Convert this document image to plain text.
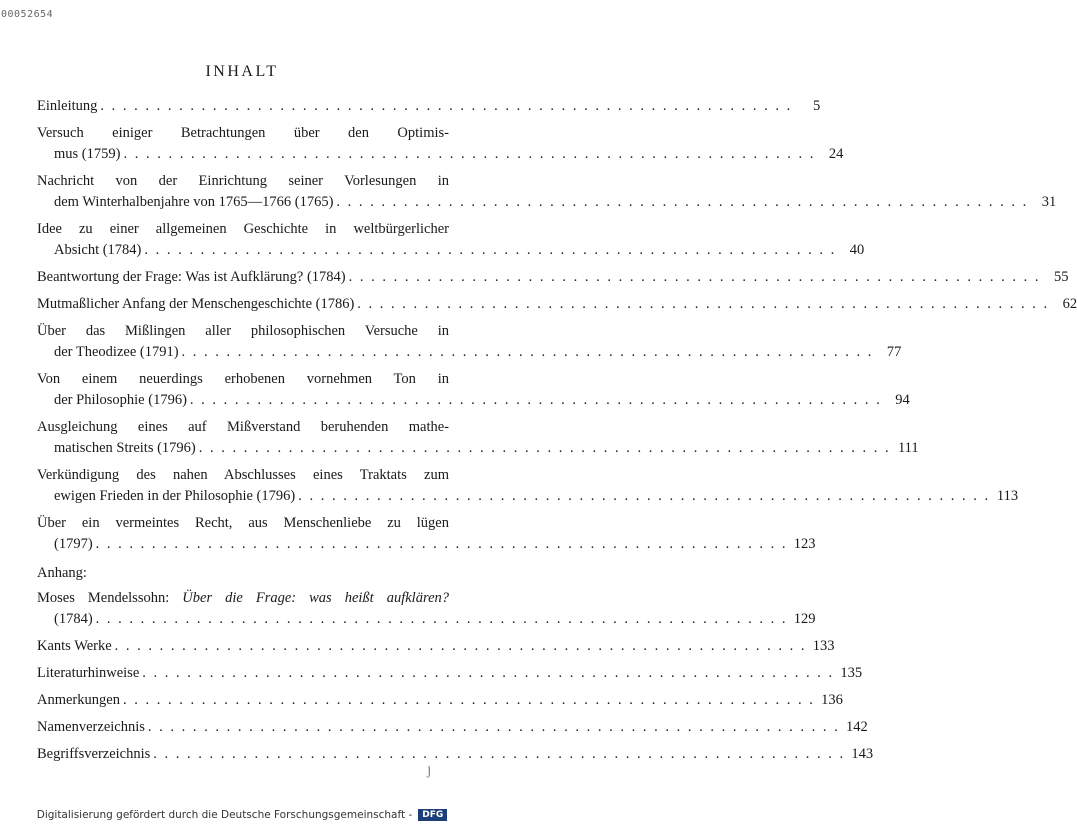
00052654
INHALT
Einleitung . . . . . . . . . . . . . . . . . . . . . . . . . . . . . . . . . . . . . . . . . . . . . . . . . . . . . . . . . . . . . .	5
Versuch einiger Betrachtungen über den Optimis-
mus (1759) . . . . . . . . . . . . . . . . . . . . . . . . . . . . . . . . . . . . . . . . . . . . . . . . . . . . . . . . . . . . . . 24
Nachricht von der Einrichtung seiner Vorlesungen in
dem Winterhalbenjahre von 1765—1766 (1765) . . . . . . . . . . . . . . . . . . . . . . . . . . . . . . . . . . . . . . . . . . . . . . . . . . . . . . . . . . . . . . 31
Idee zu einer allgemeinen Geschichte in weltbürgerlicher
Absicht (1784) . . . . . . . . . . . . . . . . . . . . . . . . . . . . . . . . . . . . . . . . . . . . . . . . . . . . . . . . . . . . . . 40
Beantwortung der Frage: Was ist Aufklärung? (1784) . . . . . . . . . . . . . . . . . . . . . . . . . . . . . . . . . . . . . . . . . . . . . . . . . . . . . . . . . . . . . . 55
Mutmaßlicher Anfang der Menschengeschichte (1786) . . . . . . . . . . . . . . . . . . . . . . . . . . . . . . . . . . . . . . . . . . . . . . . . . . . . . . . . . . . . . . 62
Über das Mißlingen aller philosophischen Versuche in
der Theodizee (1791) . . . . . . . . . . . . . . . . . . . . . . . . . . . . . . . . . . . . . . . . . . . . . . . . . . . . . . . . . . . . . . 77
Von einem neuerdings erhobenen vornehmen Ton in
der Philosophie (1796) . . . . . . . . . . . . . . . . . . . . . . . . . . . . . . . . . . . . . . . . . . . . . . . . . . . . . . . . . . . . . . 94
Ausgleichung eines auf Mißverstand beruhenden mathe-
matischen Streits (1796) . . . . . . . . . . . . . . . . . . . . . . . . . . . . . . . . . . . . . . . . . . . . . . . . . . . . . . . . . . . . . . 111
Verkündigung des nahen Abschlusses eines Traktats zum
ewigen Frieden in der Philosophie (1796) . . . . . . . . . . . . . . . . . . . . . . . . . . . . . . . . . . . . . . . . . . . . . . . . . . . . . . . . . . . . . . 113
Über ein vermeintes Recht, aus Menschenliebe zu lügen
(1797) . . . . . . . . . . . . . . . . . . . . . . . . . . . . . . . . . . . . . . . . . . . . . . . . . . . . . . . . . . . . . . 123
Anhang:
Moses Mendelssohn: Über die Frage: was heißt aufklären?
(1784) . . . . . . . . . . . . . . . . . . . . . . . . . . . . . . . . . . . . . . . . . . . . . . . . . . . . . . . . . . . . . . 129
Kants Werke . . . . . . . . . . . . . . . . . . . . . . . . . . . . . . . . . . . . . . . . . . . . . . . . . . . . . . . . . . . . . . 133
Literaturhinweise . . . . . . . . . . . . . . . . . . . . . . . . . . . . . . . . . . . . . . . . . . . . . . . . . . . . . . . . . . . . . . 135
Anmerkungen . . . . . . . . . . . . . . . . . . . . . . . . . . . . . . . . . . . . . . . . . . . . . . . . . . . . . . . . . . . . . . 136
Namenverzeichnis . . . . . . . . . . . . . . . . . . . . . . . . . . . . . . . . . . . . . . . . . . . . . . . . . . . . . . . . . . . . . . 142
Begriffsverzeichnis . . . . . . . . . . . . . . . . . . . . . . . . . . . . . . . . . . . . . . . . . . . . . . . . . . . . . . . . . . . . . . 143
ȷ
Digitalisierung gefördert durch die Deutsche Forschungsgemeinschaft -	DFG
